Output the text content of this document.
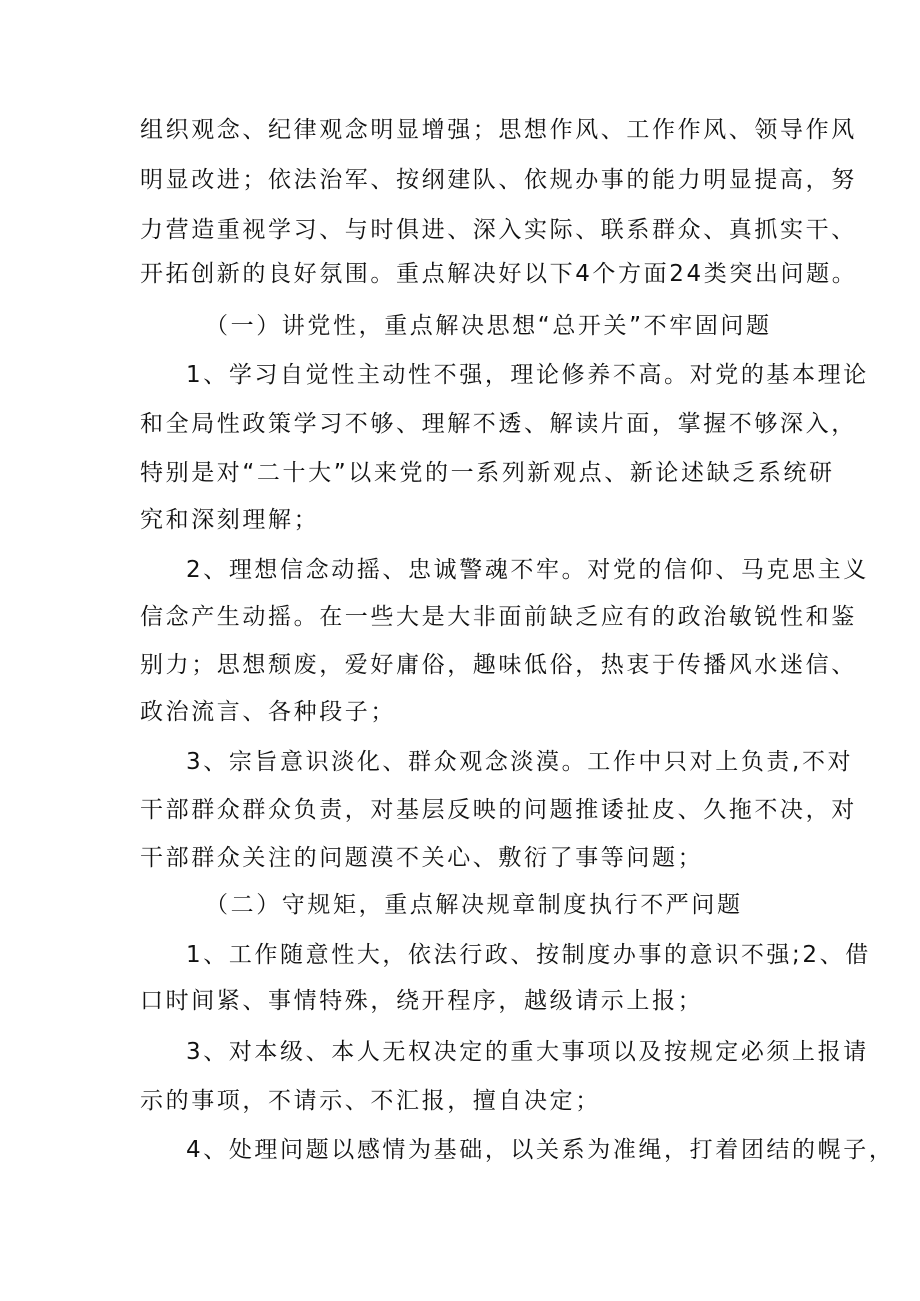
组织观念、纪律观念明显增强；思想作风、工作作风、领导作风
明显改进；依法治军、按纲建队、依规办事的能力明显提高，努
力营造重视学习、与时俱进、深入实际、联系群众、真抓实干、
开拓创新的良好氛围。重点解决好以下4个方面24类突出问题。
（一）讲党性，重点解决思想“总开关”不牢固问题
1、学习自觉性主动性不强，理论修养不高。对党的基本理论
和全局性政策学习不够、理解不透、解读片面，掌握不够深入，
特别是对“二十大”以来党的一系列新观点、新论述缺乏系统研
究和深刻理解；
2、理想信念动摇、忠诚警魂不牢。对党的信仰、马克思主义
信念产生动摇。在一些大是大非面前缺乏应有的政治敏锐性和鉴
别力；思想颓废，爱好庸俗，趣味低俗，热衷于传播风水迷信、
政治流言、各种段子；
3、宗旨意识淡化、群众观念淡漠。工作中只对上负责,不对
干部群众群众负责，对基层反映的问题推诿扯皮、久拖不决，对
干部群众关注的问题漠不关心、敷衍了事等问题；
（二）守规矩，重点解决规章制度执行不严问题
1、工作随意性大，依法行政、按制度办事的意识不强;2、借
口时间紧、事情特殊，绕开程序，越级请示上报；
3、对本级、本人无权决定的重大事项以及按规定必须上报请
示的事项，不请示、不汇报，擅自决定；
4、处理问题以感情为基础，以关系为准绳，打着团结的幌子，
